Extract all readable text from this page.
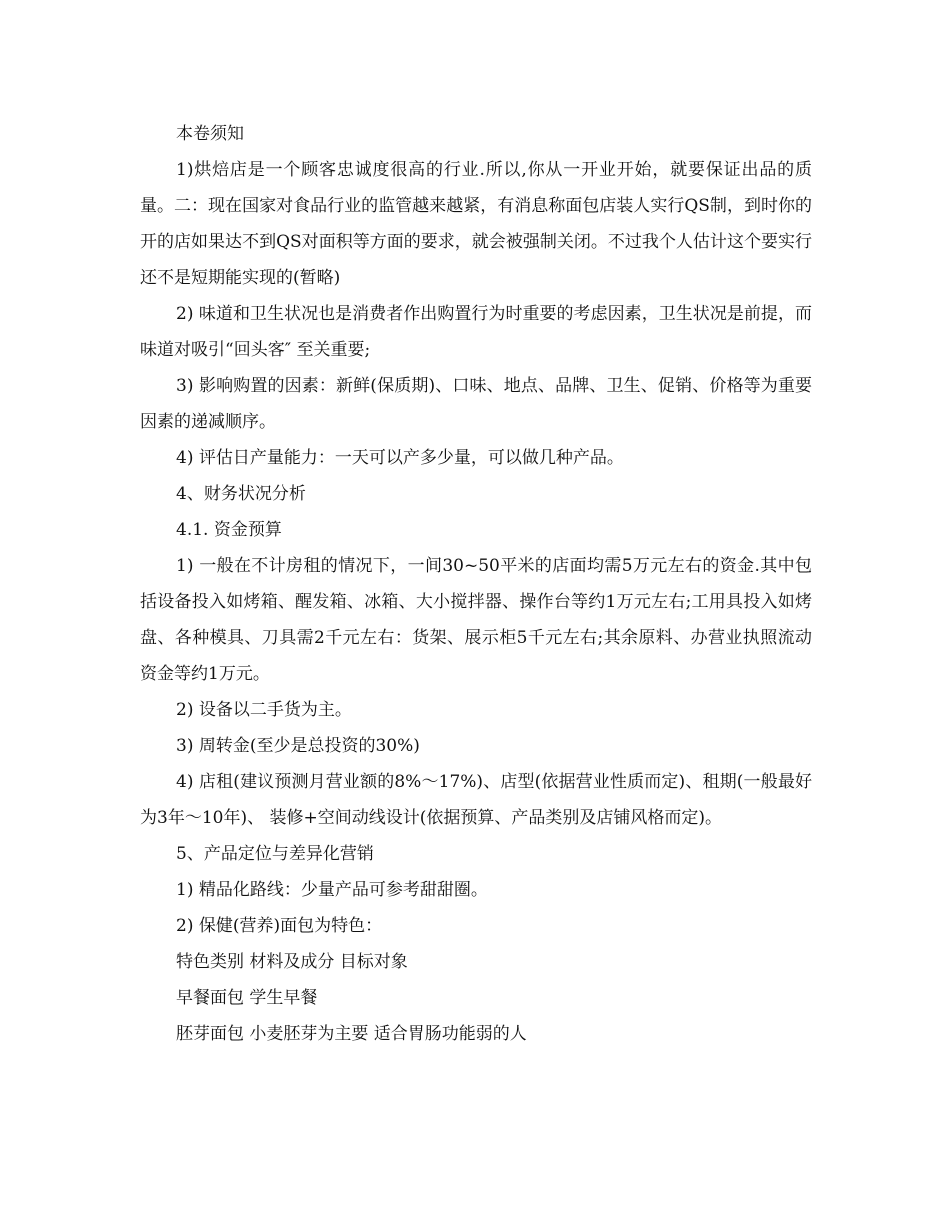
本卷须知

1)烘焙店是一个顾客忠诚度很高的行业.所以,你从一开业开始，就要保证出品的质量。二：现在国家对食品行业的监管越来越紧，有消息称面包店装人实行QS制，到时你的开的店如果达不到QS对面积等方面的要求，就会被强制关闭。不过我个人估计这个要实行还不是短期能实现的(暂略)

2) 味道和卫生状况也是消费者作出购置行为时重要的考虑因素，卫生状况是前提，而味道对吸引“回头客″ 至关重要;

3) 影响购置的因素：新鲜(保质期)、口味、地点、品牌、卫生、促销、价格等为重要因素的递减顺序。

4) 评估日产量能力：一天可以产多少量，可以做几种产品。

4、财务状况分析

4.1. 资金预算

1) 一般在不计房租的情况下，一间30~50平米的店面均需5万元左右的资金.其中包括设备投入如烤箱、醒发箱、冰箱、大小搅拌器、操作台等约1万元左右;工用具投入如烤盘、各种模具、刀具需2千元左右：货架、展示柜5千元左右;其余原料、办营业执照流动资金等约1万元。

2) 设备以二手货为主。

3) 周转金(至少是总投资的30%)

4) 店租(建议预测月营业额的8%～17%)、店型(依据营业性质而定)、租期(一般最好为3年～10年)、 装修+空间动线设计(依据预算、产品类别及店铺风格而定)。

5、产品定位与差异化营销

1) 精品化路线：少量产品可参考甜甜圈。

2) 保健(营养)面包为特色：

特色类别 材料及成分 目标对象

早餐面包 学生早餐

胚芽面包 小麦胚芽为主要 适合胃肠功能弱的人
